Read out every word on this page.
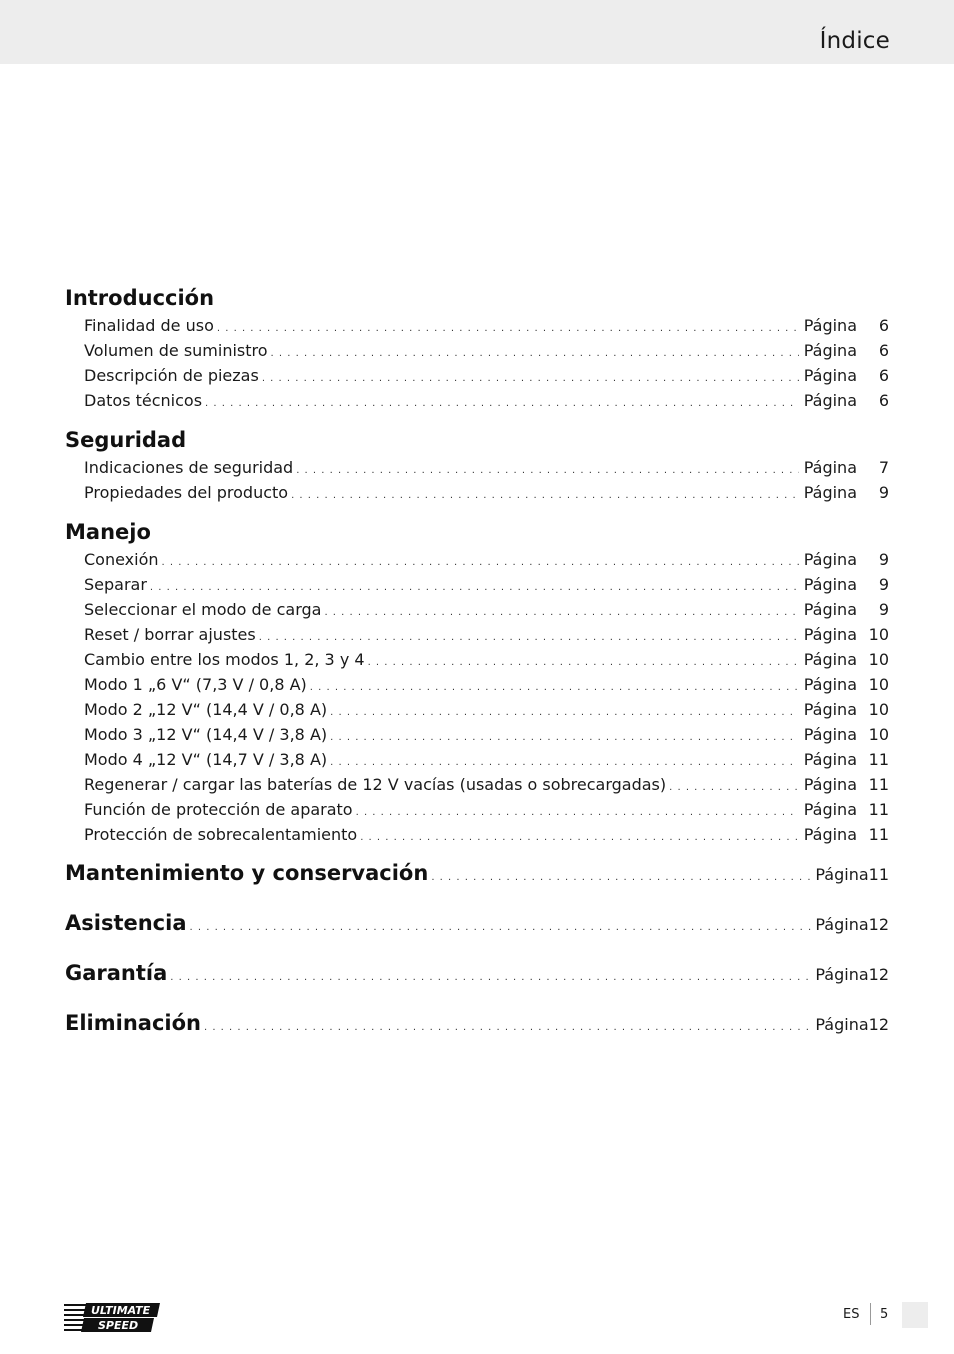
Índice
Introducción
Finalidad de uso . . .	Página	6
Volumen de suministro . . .	Página	6
Descripción de piezas . . .	Página	6
Datos técnicos . . .	Página	6
Seguridad
Indicaciones de seguridad . . .	Página	7
Propiedades del producto . . .	Página	9
Manejo
Conexión . . .	Página	9
Separar . . .	Página	9
Seleccionar el modo de carga . . .	Página	9
Reset / borrar ajustes . . .	Página 10
Cambio entre los modos 1, 2, 3 y 4 . . .	Página 10
Modo 1 „6 V“ (7,3 V / 0,8 A) . . .	Página 10
Modo 2 „12 V“ (14,4 V / 0,8 A) . . .	Página 10
Modo 3 „12 V“ (14,4 V / 3,8 A) . . .	Página 10
Modo 4 „12 V“ (14,7 V / 3,8 A) . . .	Página 11
Regenerar / cargar las baterías de 12 V vacías (usadas o sobrecargadas) . . .	Página 11
Función de protección de aparato . . .	Página 11
Protección de sobrecalentamiento . . .	Página 11
Mantenimiento y conservación . . .	Página 11
Asistencia . . .	Página 12
Garantía . . .	Página 12
Eliminación . . .	Página 12
ULTIMATE
SPEED
ES 5
